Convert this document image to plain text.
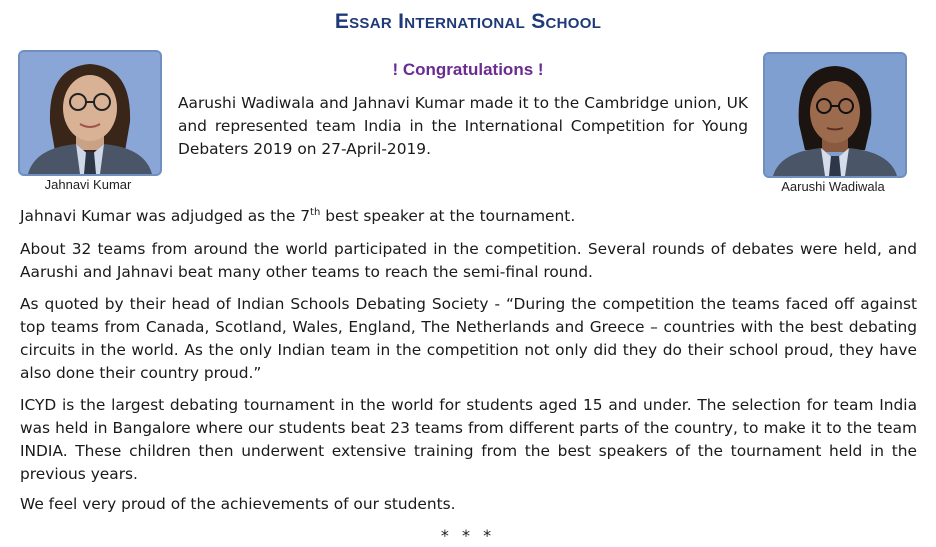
Essar International School
Jahnavi Kumar	Aarushi Wadiwala
! Congratulations !
Aarushi Wadiwala and Jahnavi Kumar made it to the Cambridge union, UK and represented team India in the International Competition for Young Debaters 2019 on 27-April-2019.
Jahnavi Kumar was adjudged as the 7th best speaker at the tournament.
About 32 teams from around the world participated in the competition. Several rounds of debates were held, and Aarushi and Jahnavi beat many other teams to reach the semi-final round.
As quoted by their head of Indian Schools Debating Society - “During the competition the teams faced off against top teams from Canada, Scotland, Wales, England, The Netherlands and Greece – countries with the best debating circuits in the world. As the only Indian team in the competition not only did they do their school proud, they have also done their country proud.”
ICYD is the largest debating tournament in the world for students aged 15 and under. The selection for team India was held in Bangalore where our students beat 23 teams from different parts of the country, to make it to the team INDIA. These children then underwent extensive training from the best speakers of the tournament held in the previous years.
We feel very proud of the achievements of our students.
* * *
